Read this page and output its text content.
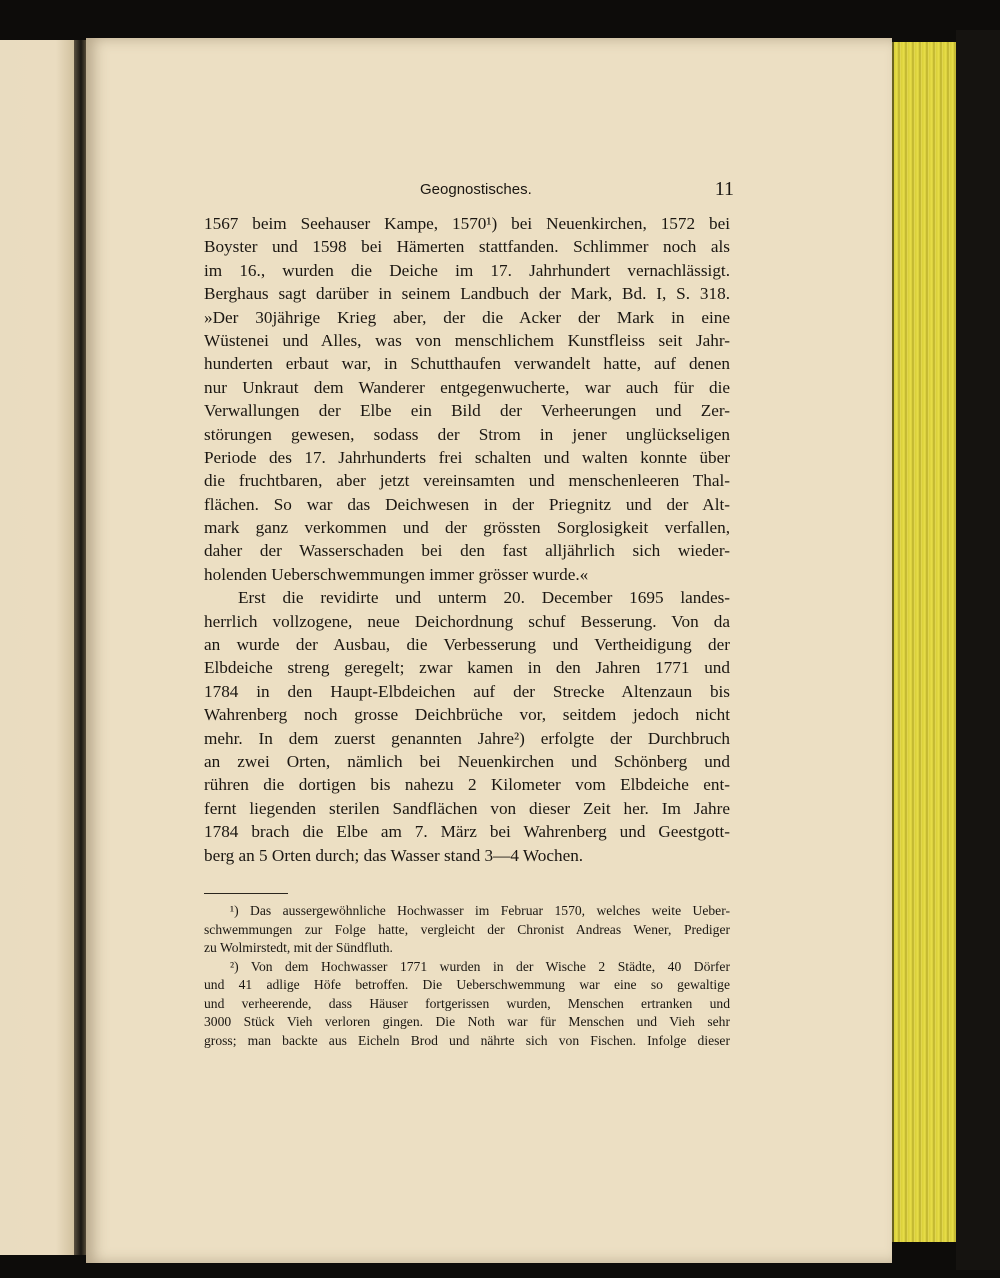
Geognostisches.	11
1567 beim Seehauser Kampe, 1570¹) bei Neuenkirchen, 1572 bei
Boyster und 1598 bei Hämerten stattfanden. Schlimmer noch als
im 16., wurden die Deiche im 17. Jahrhundert vernachlässigt.
Berghaus sagt darüber in seinem Landbuch der Mark, Bd. I, S. 318.
»Der 30jährige Krieg aber, der die Acker der Mark in eine
Wüstenei und Alles, was von menschlichem Kunstfleiss seit Jahr-
hunderten erbaut war, in Schutthaufen verwandelt hatte, auf denen
nur Unkraut dem Wanderer entgegenwucherte, war auch für die
Verwallungen der Elbe ein Bild der Verheerungen und Zer-
störungen gewesen, sodass der Strom in jener unglückseligen
Periode des 17. Jahrhunderts frei schalten und walten konnte über
die fruchtbaren, aber jetzt vereinsamten und menschenleeren Thal-
flächen. So war das Deichwesen in der Priegnitz und der Alt-
mark ganz verkommen und der grössten Sorglosigkeit verfallen,
daher der Wasserschaden bei den fast alljährlich sich wieder-
holenden Ueberschwemmungen immer grösser wurde.«
Erst die revidirte und unterm 20. December 1695 landes-
herrlich vollzogene, neue Deichordnung schuf Besserung. Von da
an wurde der Ausbau, die Verbesserung und Vertheidigung der
Elbdeiche streng geregelt; zwar kamen in den Jahren 1771 und
1784 in den Haupt-Elbdeichen auf der Strecke Altenzaun bis
Wahrenberg noch grosse Deichbrüche vor, seitdem jedoch nicht
mehr. In dem zuerst genannten Jahre²) erfolgte der Durchbruch
an zwei Orten, nämlich bei Neuenkirchen und Schönberg und
rühren die dortigen bis nahezu 2 Kilometer vom Elbdeiche ent-
fernt liegenden sterilen Sandflächen von dieser Zeit her. Im Jahre
1784 brach die Elbe am 7. März bei Wahrenberg und Geestgott-
berg an 5 Orten durch; das Wasser stand 3—4 Wochen.
¹) Das aussergewöhnliche Hochwasser im Februar 1570, welches weite Ueber-
schwemmungen zur Folge hatte, vergleicht der Chronist Andreas Wener, Prediger
zu Wolmirstedt, mit der Sündfluth.
²) Von dem Hochwasser 1771 wurden in der Wische 2 Städte, 40 Dörfer
und 41 adlige Höfe betroffen. Die Ueberschwemmung war eine so gewaltige
und verheerende, dass Häuser fortgerissen wurden, Menschen ertranken und
3000 Stück Vieh verloren gingen. Die Noth war für Menschen und Vieh sehr
gross; man backte aus Eicheln Brod und nährte sich von Fischen. Infolge dieser
